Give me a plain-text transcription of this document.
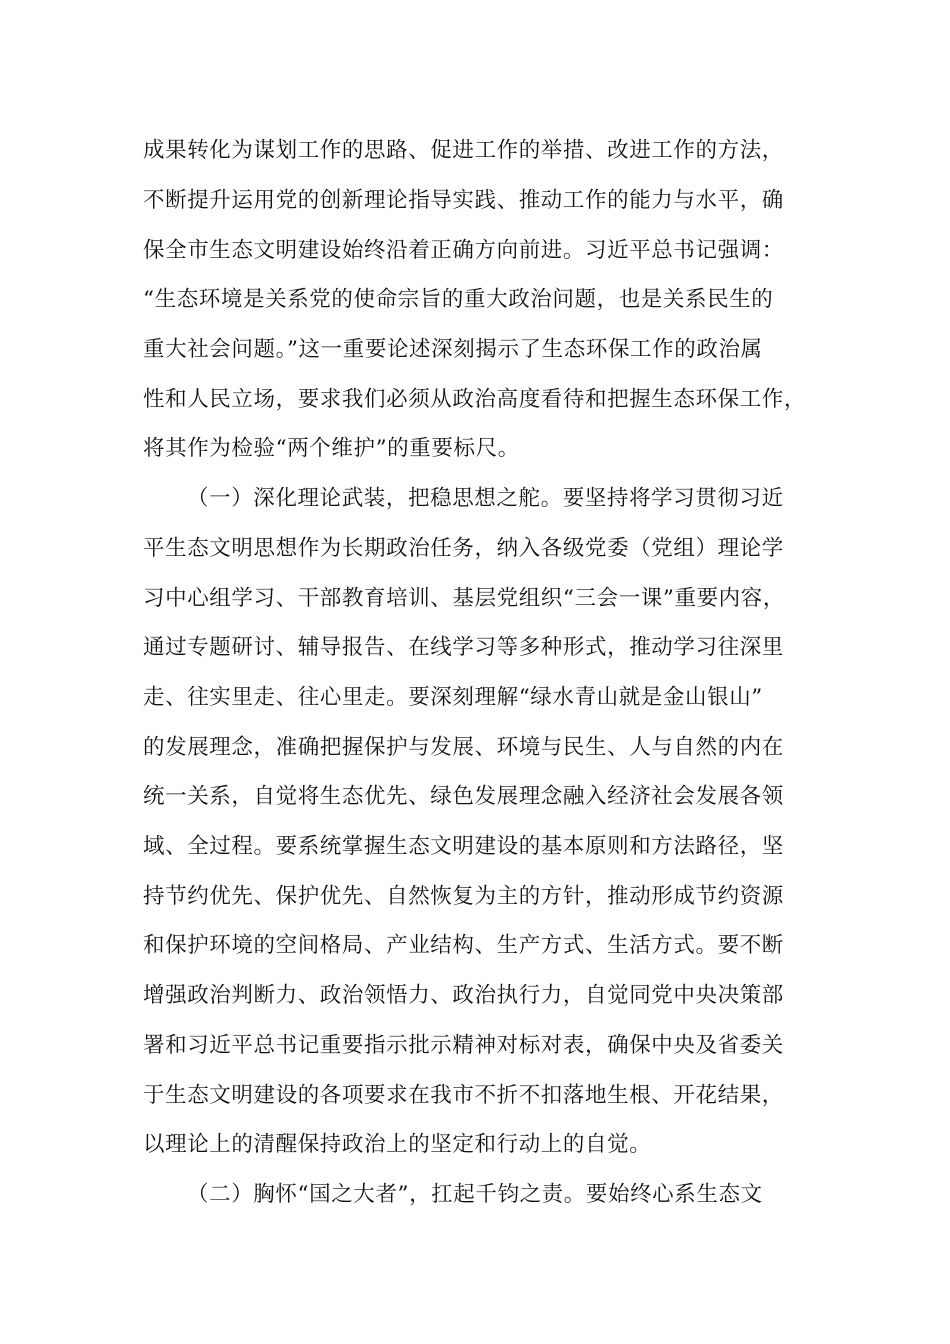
成果转化为谋划工作的思路、促进工作的举措、改进工作的方法，
不断提升运用党的创新理论指导实践、推动工作的能力与水平，确
保全市生态文明建设始终沿着正确方向前进。习近平总书记强调：
“生态环境是关系党的使命宗旨的重大政治问题，也是关系民生的
重大社会问题。”这一重要论述深刻揭示了生态环保工作的政治属
性和人民立场，要求我们必须从政治高度看待和把握生态环保工作，
将其作为检验“两个维护”的重要标尺。
（一）深化理论武装，把稳思想之舵。要坚持将学习贯彻习近
平生态文明思想作为长期政治任务，纳入各级党委（党组）理论学
习中心组学习、干部教育培训、基层党组织“三会一课”重要内容，
通过专题研讨、辅导报告、在线学习等多种形式，推动学习往深里
走、往实里走、往心里走。要深刻理解“绿水青山就是金山银山”
的发展理念，准确把握保护与发展、环境与民生、人与自然的内在
统一关系，自觉将生态优先、绿色发展理念融入经济社会发展各领
域、全过程。要系统掌握生态文明建设的基本原则和方法路径，坚
持节约优先、保护优先、自然恢复为主的方针，推动形成节约资源
和保护环境的空间格局、产业结构、生产方式、生活方式。要不断
增强政治判断力、政治领悟力、政治执行力，自觉同党中央决策部
署和习近平总书记重要指示批示精神对标对表，确保中央及省委关
于生态文明建设的各项要求在我市不折不扣落地生根、开花结果，
以理论上的清醒保持政治上的坚定和行动上的自觉。
（二）胸怀“国之大者”，扛起千钧之责。要始终心系生态文
